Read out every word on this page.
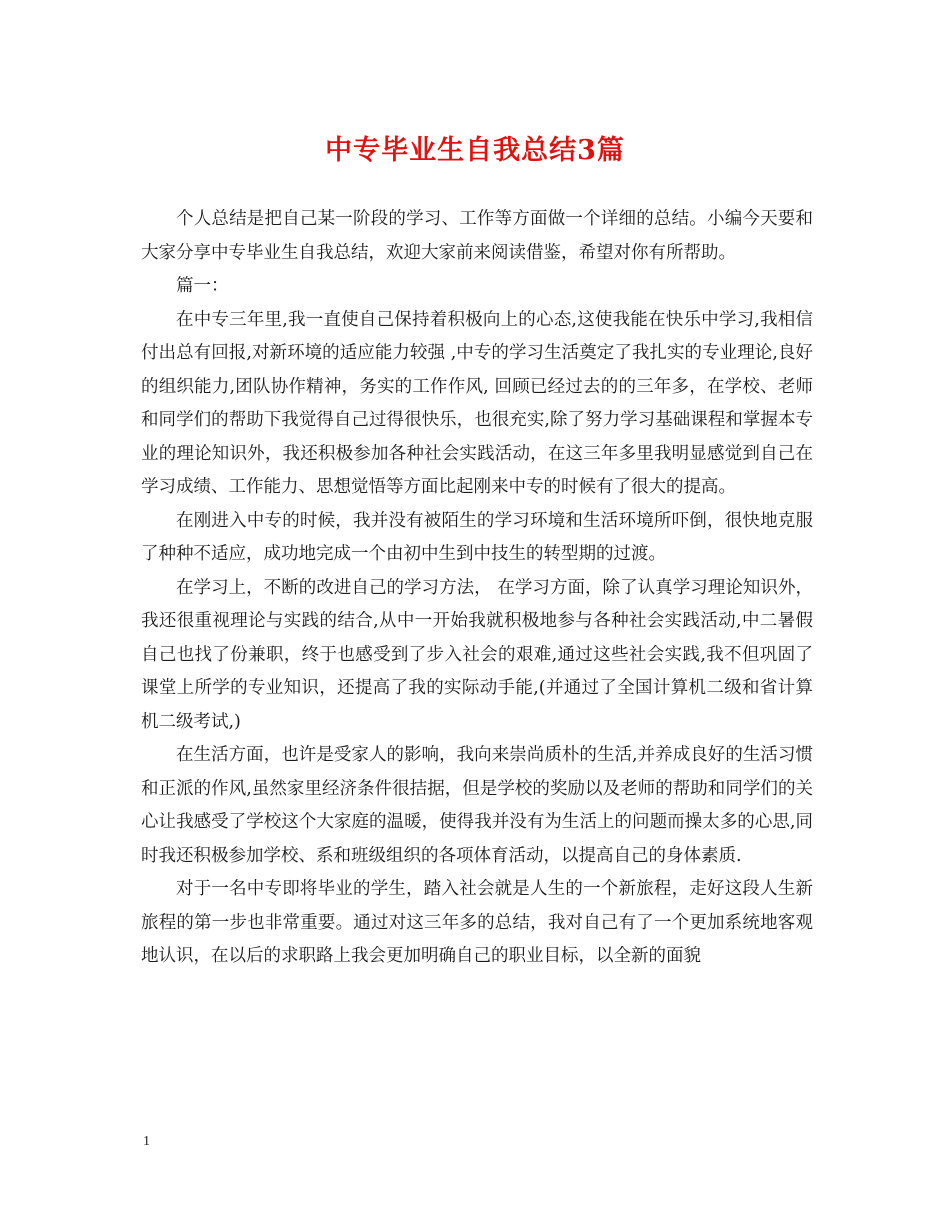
中专毕业生自我总结3篇

个人总结是把自己某一阶段的学习、工作等方面做一个详细的总结。小编今天要和大家分享中专毕业生自我总结，欢迎大家前来阅读借鉴，希望对你有所帮助。

篇一：

在中专三年里,我一直使自己保持着积极向上的心态,这使我能在快乐中学习,我相信付出总有回报,对新环境的适应能力较强 ,中专的学习生活奠定了我扎实的专业理论,良好的组织能力,团队协作精神，务实的工作作风, 回顾已经过去的的三年多，在学校、老师和同学们的帮助下我觉得自己过得很快乐，也很充实,除了努力学习基础课程和掌握本专业的理论知识外，我还积极参加各种社会实践活动，在这三年多里我明显感觉到自己在学习成绩、工作能力、思想觉悟等方面比起刚来中专的时候有了很大的提高。

在刚进入中专的时候，我并没有被陌生的学习环境和生活环境所吓倒，很快地克服了种种不适应，成功地完成一个由初中生到中技生的转型期的过渡。

在学习上，不断的改进自己的学习方法， 在学习方面，除了认真学习理论知识外，我还很重视理论与实践的结合,从中一开始我就积极地参与各种社会实践活动,中二暑假自己也找了份兼职，终于也感受到了步入社会的艰难,通过这些社会实践,我不但巩固了课堂上所学的专业知识，还提高了我的实际动手能,(并通过了全国计算机二级和省计算机二级考试,)

在生活方面，也许是受家人的影响，我向来崇尚质朴的生活,并养成良好的生活习惯和正派的作风,虽然家里经济条件很拮据，但是学校的奖励以及老师的帮助和同学们的关心让我感受了学校这个大家庭的温暖，使得我并没有为生活上的问题而操太多的心思,同时我还积极参加学校、系和班级组织的各项体育活动，以提高自己的身体素质.

对于一名中专即将毕业的学生，踏入社会就是人生的一个新旅程，走好这段人生新旅程的第一步也非常重要。通过对这三年多的总结，我对自己有了一个更加系统地客观地认识，在以后的求职路上我会更加明确自己的职业目标，以全新的面貌

1
